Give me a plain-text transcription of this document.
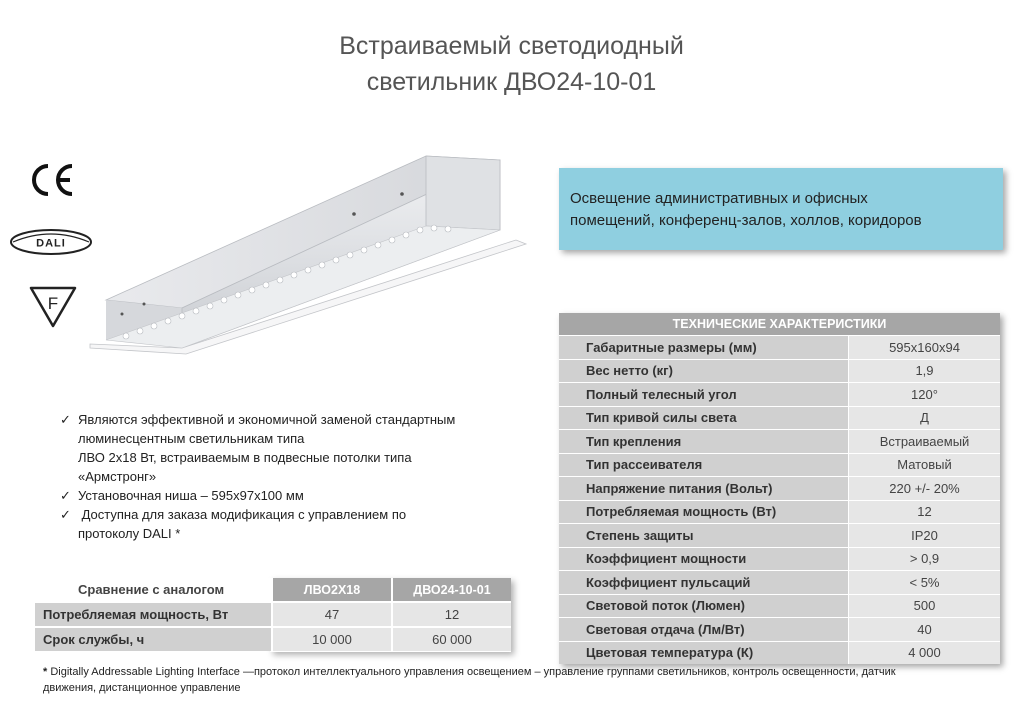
Встраиваемый светодиодный
светильник ДВО24-10-01
DALI
F
Освещение административных и офисных
помещений, конференц-залов, холлов, коридоров
✓ Являются эффективной и экономичной заменой стандартным
люминесцентным светильникам типа
ЛВО 2х18 Вт, встраиваемым в подвесные потолки типа
«Армстронг»
✓ Установочная ниша – 595х97х100 мм
✓ Доступна для заказа модификация с управлением по
протоколу DALI *
ТЕХНИЧЕСКИЕ ХАРАКТЕРИСТИКИ	
Габаритные размеры (мм)	595х160х94
Вес нетто (кг)	1,9
Полный телесный угол	120°
Тип кривой силы света	Д
Тип крепления	Встраиваемый
Тип рассеивателя	Матовый
Напряжение питания (Вольт)	220 +/- 20%
Потребляемая мощность (Вт)	12
Степень защиты	IP20
Коэффициент мощности	> 0,9
Коэффициент пульсаций	< 5%
Световой поток (Люмен)	500
Световая отдача (Лм/Вт)	40
Цветовая температура (К)	4 000
Сравнение с аналогом	ЛВО2Х18	ДВО24-10-01
Потребляемая мощность, Вт	47	12
Срок службы, ч	10 000	60 000
* Digitally Addressable Lighting Interface —протокол интеллектуального управления освещением – управление группами светильников, контроль освещенности, датчик
движения, дистанционное управление
